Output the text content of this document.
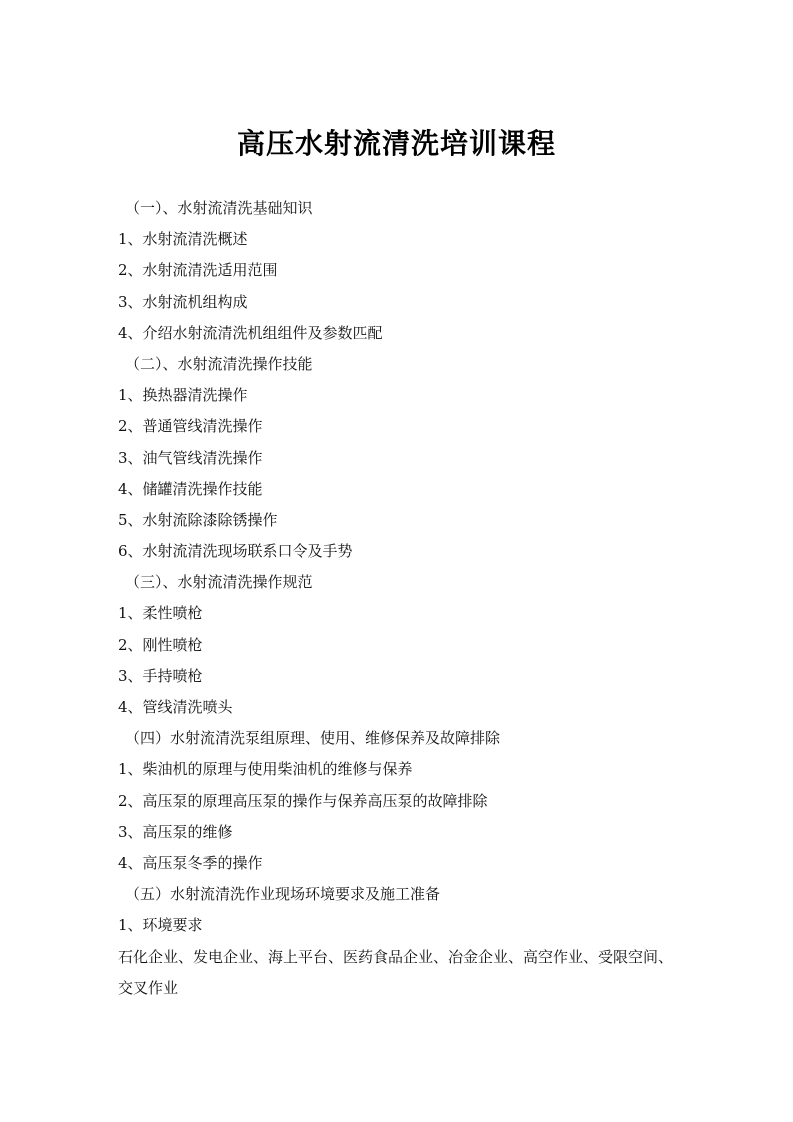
高压水射流清洗培训课程
（一）、水射流清洗基础知识
1、水射流清洗概述
2、水射流清洗适用范围
3、水射流机组构成
4、介绍水射流清洗机组组件及参数匹配
（二）、水射流清洗操作技能
1、换热器清洗操作
2、普通管线清洗操作
3、油气管线清洗操作
4、储罐清洗操作技能
5、水射流除漆除锈操作
6、水射流清洗现场联系口令及手势
（三）、水射流清洗操作规范
1、柔性喷枪
2、刚性喷枪
3、手持喷枪
4、管线清洗喷头
（四）水射流清洗泵组原理、使用、维修保养及故障排除
1、柴油机的原理与使用柴油机的维修与保养
2、高压泵的原理高压泵的操作与保养高压泵的故障排除
3、高压泵的维修
4、高压泵冬季的操作
（五）水射流清洗作业现场环境要求及施工准备
1、环境要求

石化企业、发电企业、海上平台、医药食品企业、冶金企业、高空作业、受限空间、交叉作业
